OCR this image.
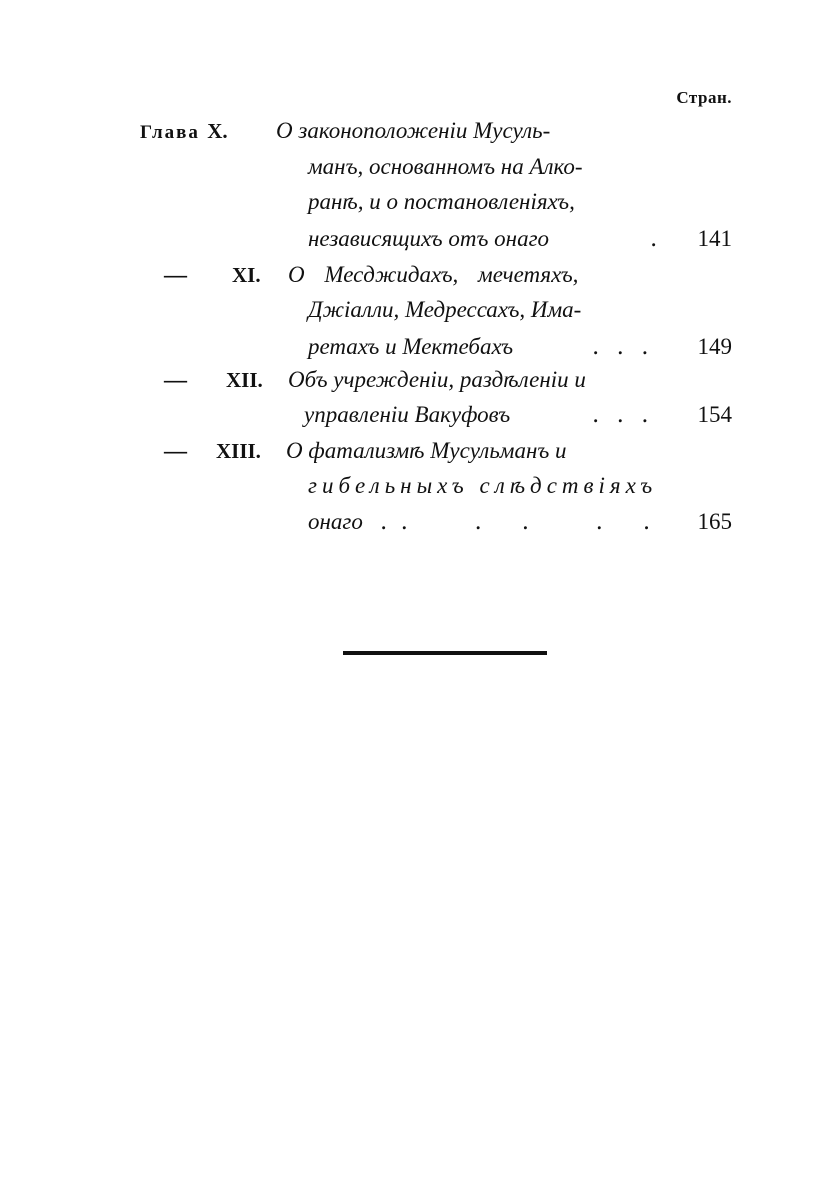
Стран.
Глава X. О законоположеніи Мусуль-
манъ, основанномъ на Алко-
ранѣ, и о постановленіяхъ,
независящихъ отъ онаго	. 141
— XI. О Месджидахъ, мечетяхъ,
Джіалли, Медрессахъ, Има-
ретахъ и Мектебахъ	. . . 149
— XII. Объ учрежденіи, раздѣленіи и
управленіи Вакуфовъ	. . . 154
— XIII. О фатализмѣ Мусульманъ и
гибельныхъ слѣдствіяхъ
онаго . .     .   .     .   . 165
